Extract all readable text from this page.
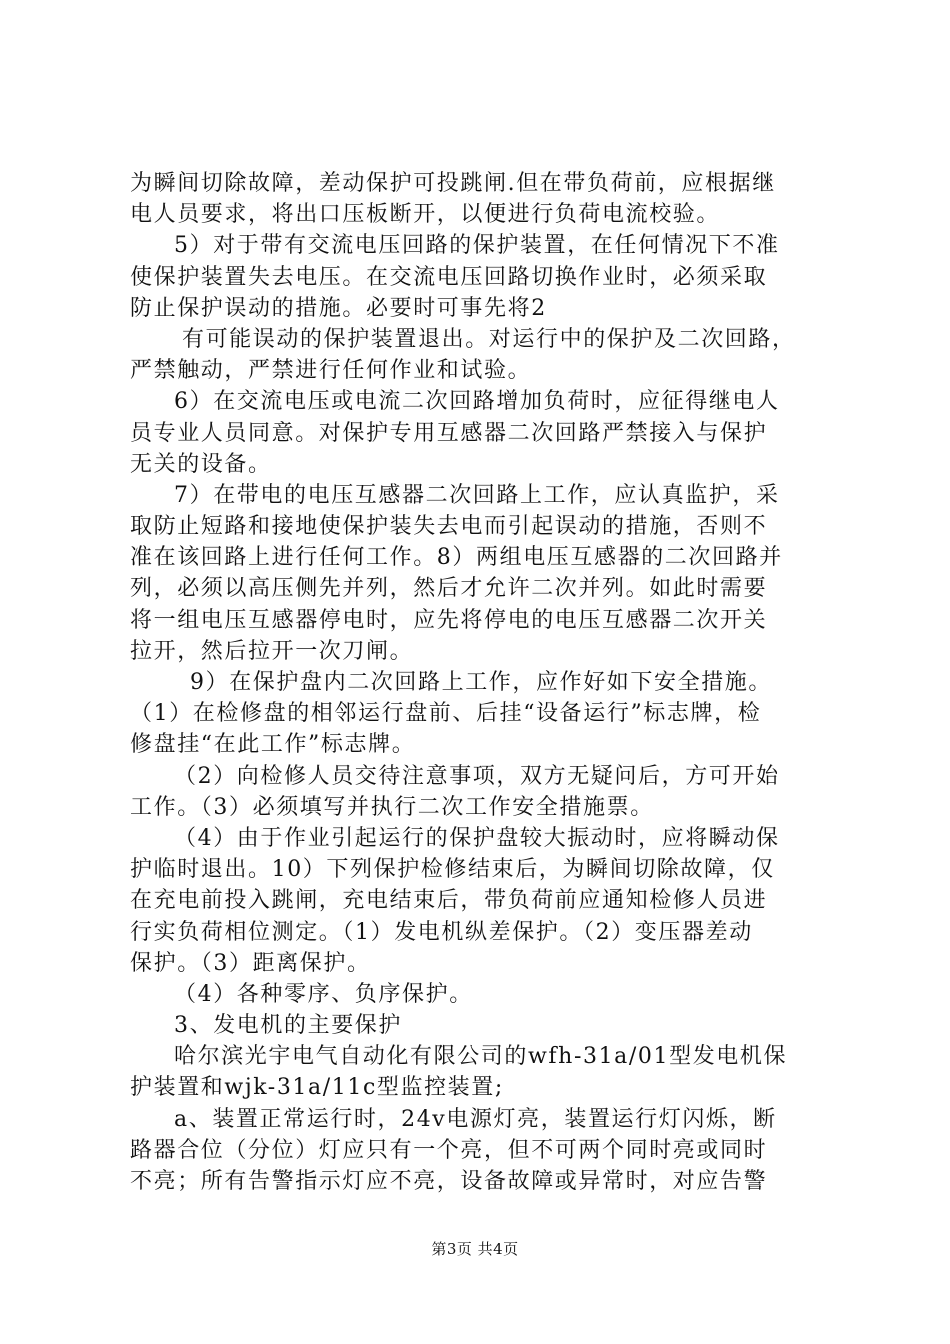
为瞬间切除故障，差动保护可投跳闸.但在带负荷前，应根据继
电人员要求，将出口压板断开，以便进行负荷电流校验。
5）对于带有交流电压回路的保护装置，在任何情况下不准
使保护装置失去电压。在交流电压回路切换作业时，必须采取
防止保护误动的措施。必要时可事先将2
有可能误动的保护装置退出。对运行中的保护及二次回路，
严禁触动，严禁进行任何作业和试验。
6）在交流电压或电流二次回路增加负荷时，应征得继电人
员专业人员同意。对保护专用互感器二次回路严禁接入与保护
无关的设备。
7）在带电的电压互感器二次回路上工作，应认真监护，采
取防止短路和接地使保护装失去电而引起误动的措施，否则不
准在该回路上进行任何工作。8）两组电压互感器的二次回路并
列，必须以高压侧先并列，然后才允许二次并列。如此时需要
将一组电压互感器停电时，应先将停电的电压互感器二次开关
拉开，然后拉开一次刀闸。
9）在保护盘内二次回路上工作，应作好如下安全措施。
（1）在检修盘的相邻运行盘前、后挂“设备运行”标志牌，检
修盘挂“在此工作”标志牌。
（2）向检修人员交待注意事项，双方无疑问后，方可开始
工作。（3）必须填写并执行二次工作安全措施票。
（4）由于作业引起运行的保护盘较大振动时，应将瞬动保
护临时退出。10）下列保护检修结束后，为瞬间切除故障，仅
在充电前投入跳闸，充电结束后，带负荷前应通知检修人员进
行实负荷相位测定。（1）发电机纵差保护。（2）变压器差动
保护。（3）距离保护。
（4）各种零序、负序保护。
3、发电机的主要保护
哈尔滨光宇电气自动化有限公司的wfh-31a/01型发电机保
护装置和wjk-31a/11c型监控装置;
a、装置正常运行时，24v电源灯亮，装置运行灯闪烁，断
路器合位（分位）灯应只有一个亮，但不可两个同时亮或同时
不亮；所有告警指示灯应不亮，设备故障或异常时，对应告警
第3页 共4页
